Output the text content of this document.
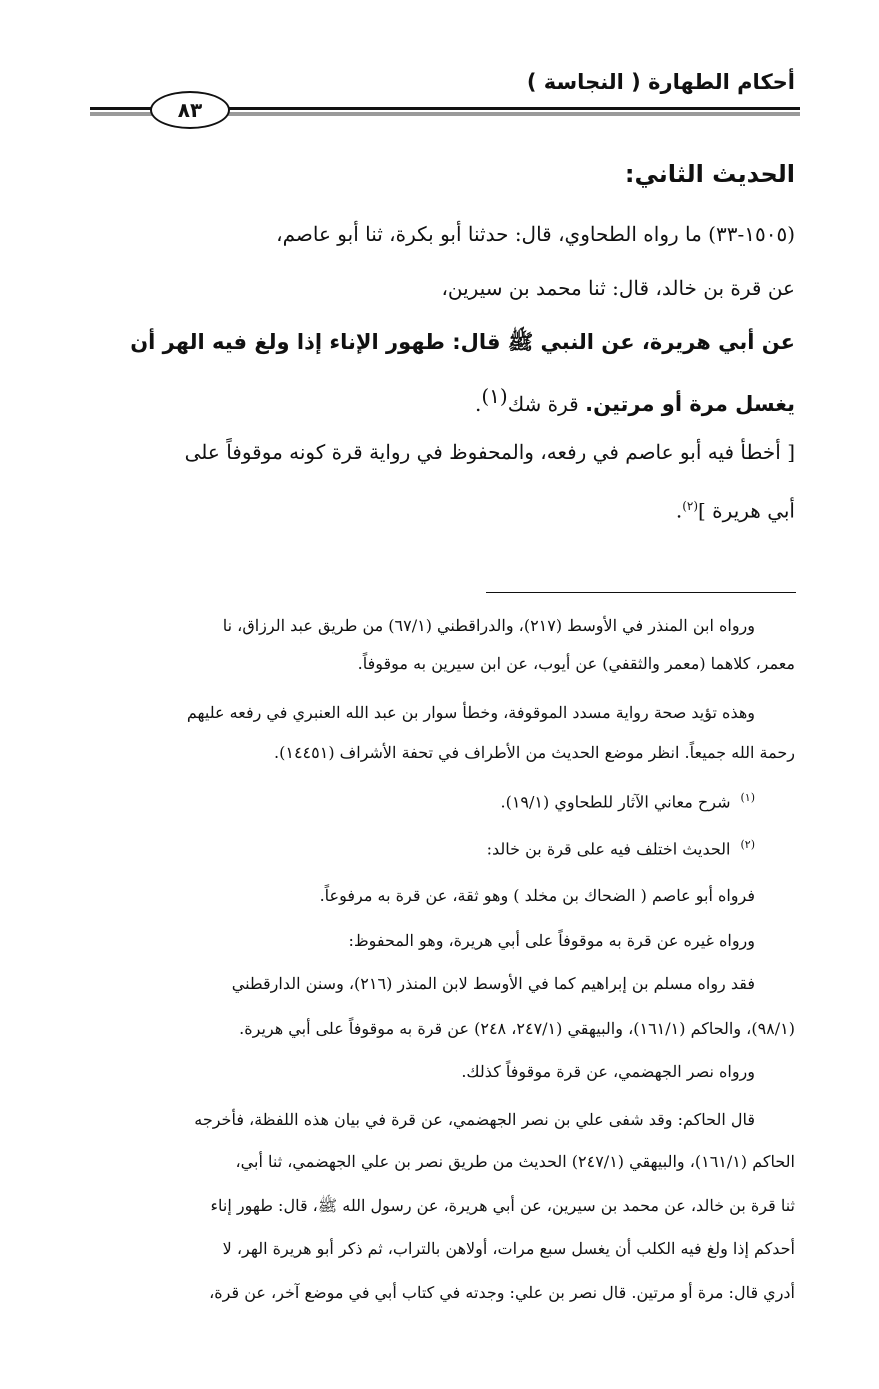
أحكام الطهارة ( النجاسة )
٨٣
الحديث الثاني:
(١٥٠٥-٣٣) ما رواه الطحاوي، قال: حدثنا أبو بكرة، ثنا أبو عاصم،
عن قرة بن خالد، قال: ثنا محمد بن سيرين،
عن أبي هريرة، عن النبي ﷺ قال: طهور الإناء إذا ولغ فيه الهر أن
يغسل مرة أو مرتين. قرة شك$^{(١)}$.
[ أخطأ فيه أبو عاصم في رفعه، والمحفوظ في رواية قرة كونه موقوفاً على
أبي هريرة ]$^{(٢)}$.
ورواه ابن المنذر في الأوسط (٢١٧)، والدراقطني (٦٧/١) من طريق عبد الرزاق، نا
معمر، كلاهما (معمر والثقفي) عن أيوب، عن ابن سيرين به موقوفاً.
وهذه تؤيد صحة رواية مسدد الموقوفة، وخطأ سوار بن عبد الله العنبري في رفعه عليهم
رحمة الله جميعاً. انظر موضع الحديث من الأطراف في تحفة الأشراف (١٤٤٥١).
$^{(١)}$شرح معاني الآثار للطحاوي (١٩/١).
$^{(٢)}$الحديث اختلف فيه على قرة بن خالد:
فرواه أبو عاصم ( الضحاك بن مخلد ) وهو ثقة، عن قرة به مرفوعاً.
ورواه غيره عن قرة به موقوفاً على أبي هريرة، وهو المحفوظ:
فقد رواه مسلم بن إبراهيم كما في الأوسط لابن المنذر (٢١٦)، وسنن الدارقطني
(٩٨/١)، والحاكم (١٦١/١)، والبيهقي (٢٤٧/١، ٢٤٨) عن قرة به موقوفاً على أبي هريرة.
ورواه نصر الجهضمي، عن قرة موقوفاً كذلك.
قال الحاكم: وقد شفى علي بن نصر الجهضمي، عن قرة في بيان هذه اللفظة، فأخرجه
الحاكم (١٦١/١)، والبيهقي (٢٤٧/١) الحديث من طريق نصر بن علي الجهضمي، ثنا أبي،
ثنا قرة بن خالد، عن محمد بن سيرين، عن أبي هريرة، عن رسول الله ﷺ، قال: طهور إناء
أحدكم إذا ولغ فيه الكلب أن يغسل سبع مرات، أولاهن بالتراب، ثم ذكر أبو هريرة الهر، لا
أدري قال: مرة أو مرتين. قال نصر بن علي: وجدته في كتاب أبي في موضع آخر، عن قرة،
